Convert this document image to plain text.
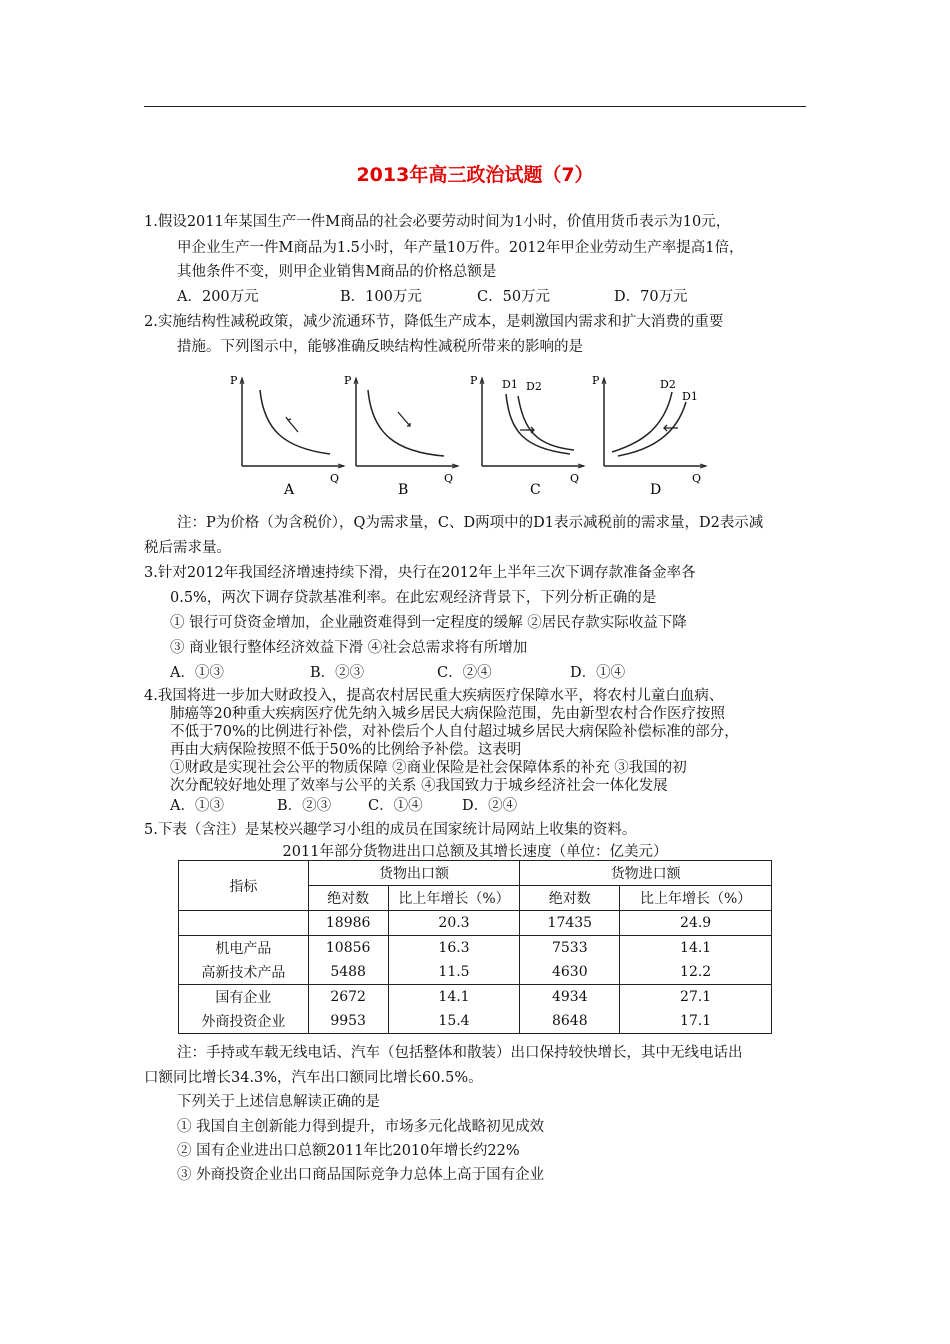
2013年高三政治试题（7）
1.假设2011年某国生产一件M商品的社会必要劳动时间为1小时，价值用货币表示为10元，
甲企业生产一件M商品为1.5小时，年产量10万件。2012年甲企业劳动生产率提高1倍，
其他条件不变，则甲企业销售M商品的价格总额是
A．200万元	B．100万元	C．50万元	D．70万元
2.实施结构性减税政策，减少流通环节，降低生产成本，是刺激国内需求和扩大消费的重要
措施。下列图示中，能够准确反映结构性减税所带来的影响的是
P
Q
A
P
Q
B
P
Q
D1 D2
C
P
Q
D2
D1
D
注：P为价格（为含税价），Q为需求量，C、D两项中的D1表示减税前的需求量，D2表示减
税后需求量。
3.针对2012年我国经济增速持续下滑，央行在2012年上半年三次下调存款准备金率各
0.5%，两次下调存贷款基准利率。在此宏观经济背景下，下列分析正确的是
① 银行可贷资金增加，企业融资难得到一定程度的缓解 ②居民存款实际收益下降
③ 商业银行整体经济效益下滑 ④社会总需求将有所增加
A．①③	B．②③	C．②④	D．①④
4.我国将进一步加大财政投入，提高农村居民重大疾病医疗保障水平，将农村儿童白血病、
肺癌等20种重大疾病医疗优先纳入城乡居民大病保险范围，先由新型农村合作医疗按照
不低于70%的比例进行补偿，对补偿后个人自付超过城乡居民大病保险补偿标准的部分，
再由大病保险按照不低于50%的比例给予补偿。这表明
①财政是实现社会公平的物质保障 ②商业保险是社会保障体系的补充 ③我国的初
次分配较好地处理了效率与公平的关系 ④我国致力于城乡经济社会一体化发展
A．①③	B．②③	C．①④	D．②④
5.下表（含注）是某校兴趣学习小组的成员在国家统计局网站上收集的资料。
2011年部分货物进出口总额及其增长速度（单位：亿美元）
指标	货物出口额		货物进口额	
	绝对数	比上年增长（%）	绝对数	比上年增长（%）
	18986	20.3	17435	24.9
机电产品	10856	16.3	7533	14.1
高新技术产品	5488	11.5	4630	12.2
国有企业	2672	14.1	4934	27.1
外商投资企业	9953	15.4	8648	17.1
注：手持或车载无线电话、汽车（包括整体和散装）出口保持较快增长，其中无线电话出
口额同比增长34.3%，汽车出口额同比增长60.5%。
下列关于上述信息解读正确的是
① 我国自主创新能力得到提升，市场多元化战略初见成效
② 国有企业进出口总额2011年比2010年增长约22%
③ 外商投资企业出口商品国际竞争力总体上高于国有企业
